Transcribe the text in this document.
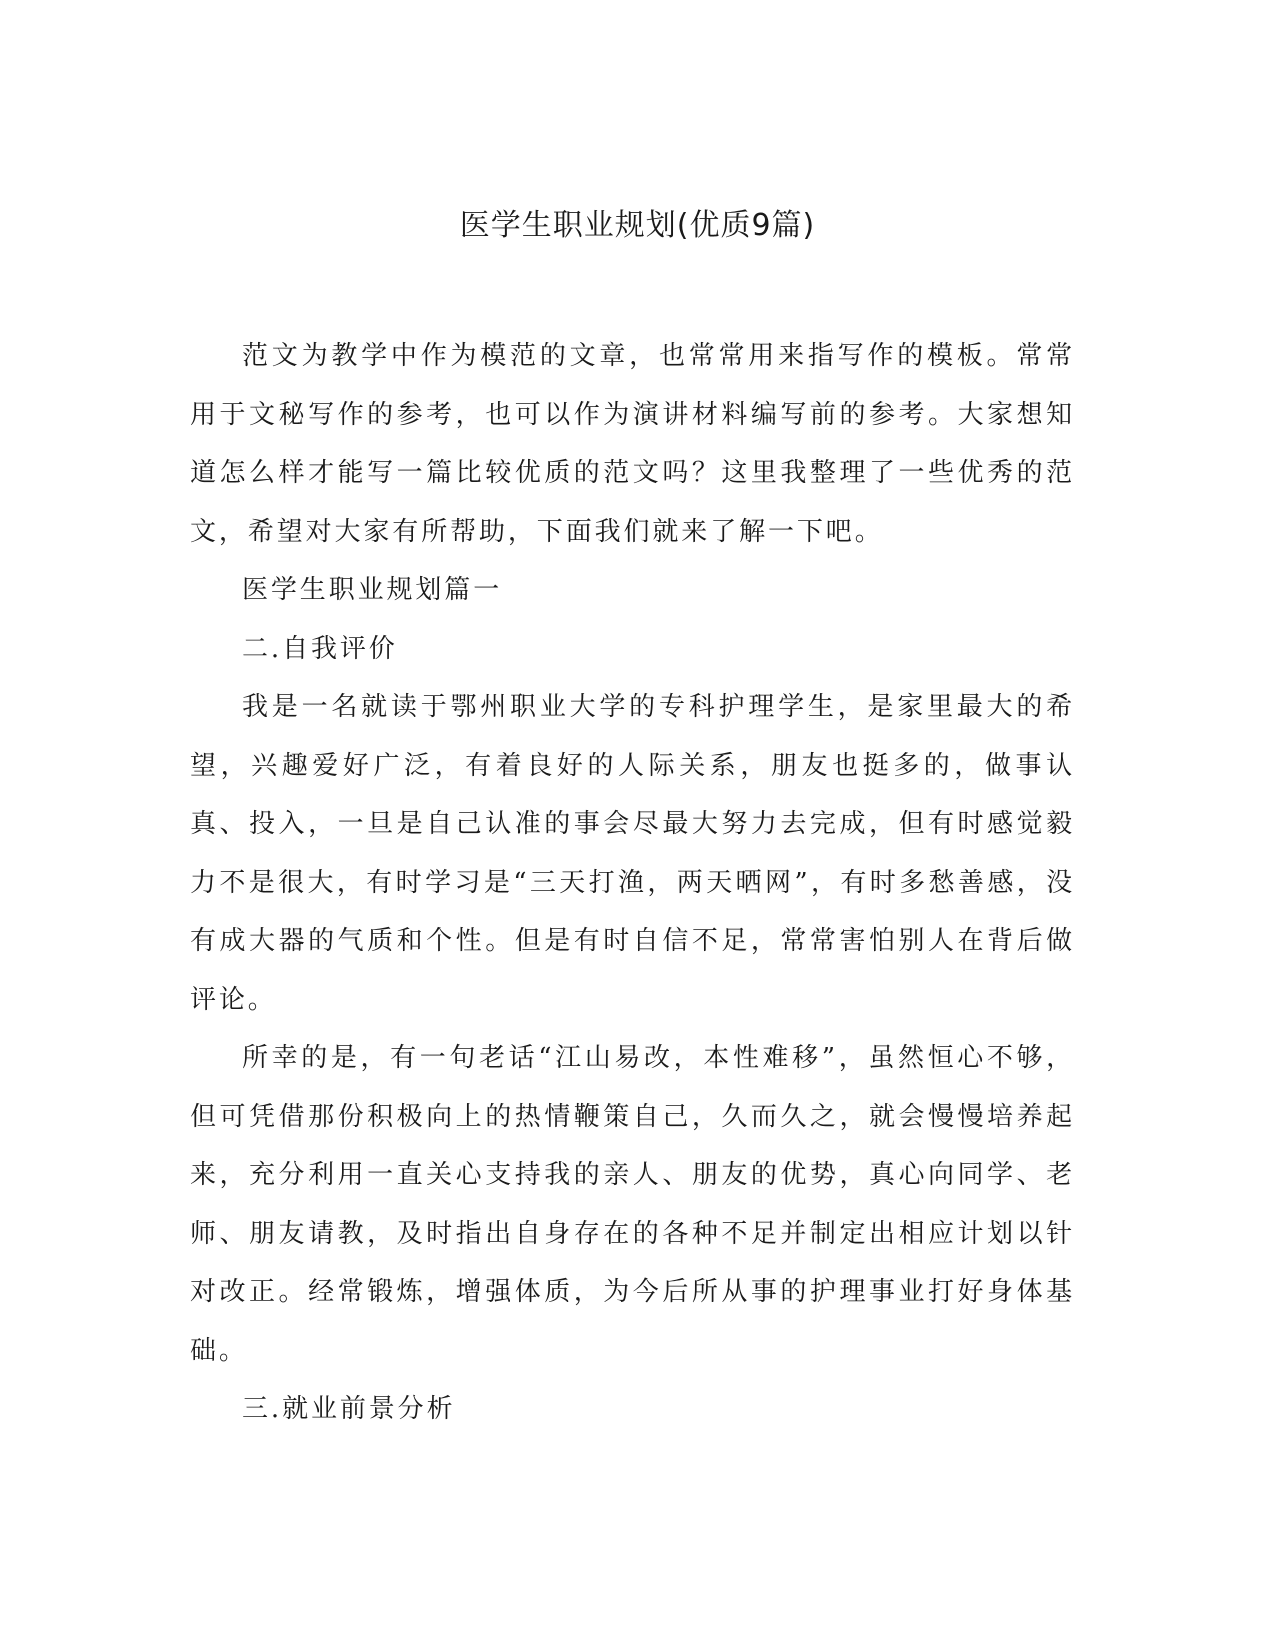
医学生职业规划(优质9篇)

范文为教学中作为模范的文章，也常常用来指写作的模板。常常用于文秘写作的参考，也可以作为演讲材料编写前的参考。大家想知道怎么样才能写一篇比较优质的范文吗？这里我整理了一些优秀的范文，希望对大家有所帮助，下面我们就来了解一下吧。

医学生职业规划篇一

二.自我评价

我是一名就读于鄂州职业大学的专科护理学生，是家里最大的希望，兴趣爱好广泛，有着良好的人际关系，朋友也挺多的，做事认真、投入，一旦是自己认准的事会尽最大努力去完成，但有时感觉毅力不是很大，有时学习是“三天打渔，两天晒网”，有时多愁善感，没有成大器的气质和个性。但是有时自信不足，常常害怕别人在背后做评论。

所幸的是，有一句老话“江山易改，本性难移”，虽然恒心不够，但可凭借那份积极向上的热情鞭策自己，久而久之，就会慢慢培养起来，充分利用一直关心支持我的亲人、朋友的优势，真心向同学、老师、朋友请教，及时指出自身存在的各种不足并制定出相应计划以针对改正。经常锻炼，增强体质，为今后所从事的护理事业打好身体基础。

三.就业前景分析
